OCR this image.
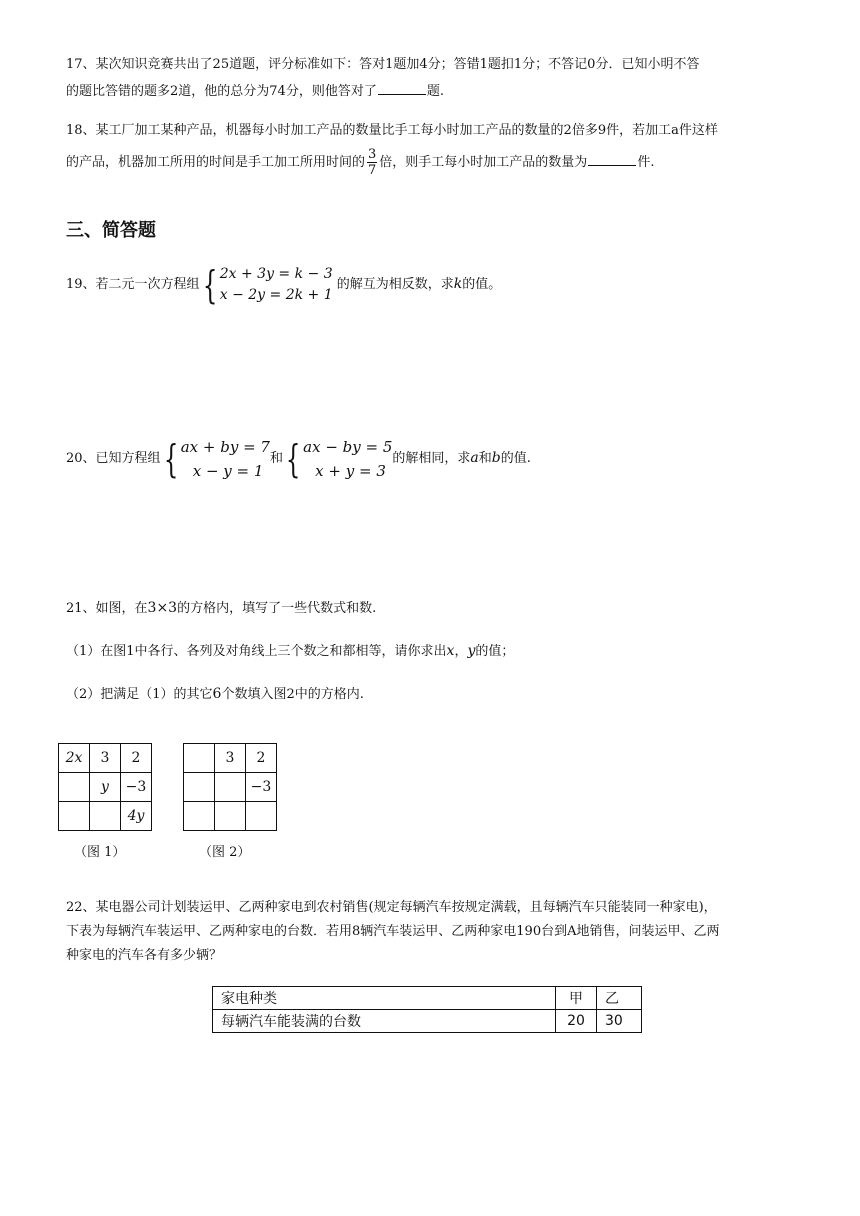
17、某次知识竞赛共出了25道题，评分标准如下：答对1题加4分；答错1题扣1分；不答记0分．已知小明不答
的题比答错的题多2道，他的总分为74分，则他答对了	题.
18、某工厂加工某种产品，机器每小时加工产品的数量比手工每小时加工产品的数量的2倍多9件，若加工a件这样
的产品，机器加工所用的时间是手工加工所用时间的 $\frac{3}{7}$ 倍，则手工每小时加工产品的数量为	件.
三、简答题
19、若二元一次方程组{ 2x + 3y = k − 3
x − 2y = 2k + 1
的解互为相反数，求k的值。
20、已知方程组{ ax + by = 7
x − y = 1
和{ ax − by = 5
x + y = 3
的解相同，求a和b的值.
21、如图，在3×3的方格内，填写了一些代数式和数.
（1）在图1中各行、各列及对角线上三个数之和都相等，请你求出x，y的值；
（2）把满足（1）的其它6个数填入图2中的方格内.
2x	3	2
	y	−3
		4y
（图 1）
	3	2
		−3

（图 2）
22、某电器公司计划装运甲、乙两种家电到农村销售(规定每辆汽车按规定满载，且每辆汽车只能装同一种家电)，
下表为每辆汽车装运甲、乙两种家电的台数．若用8辆汽车装运甲、乙两种家电190台到A地销售，问装运甲、乙两
种家电的汽车各有多少辆？
家电种类	甲	乙
每辆汽车能装满的台数	20	30
